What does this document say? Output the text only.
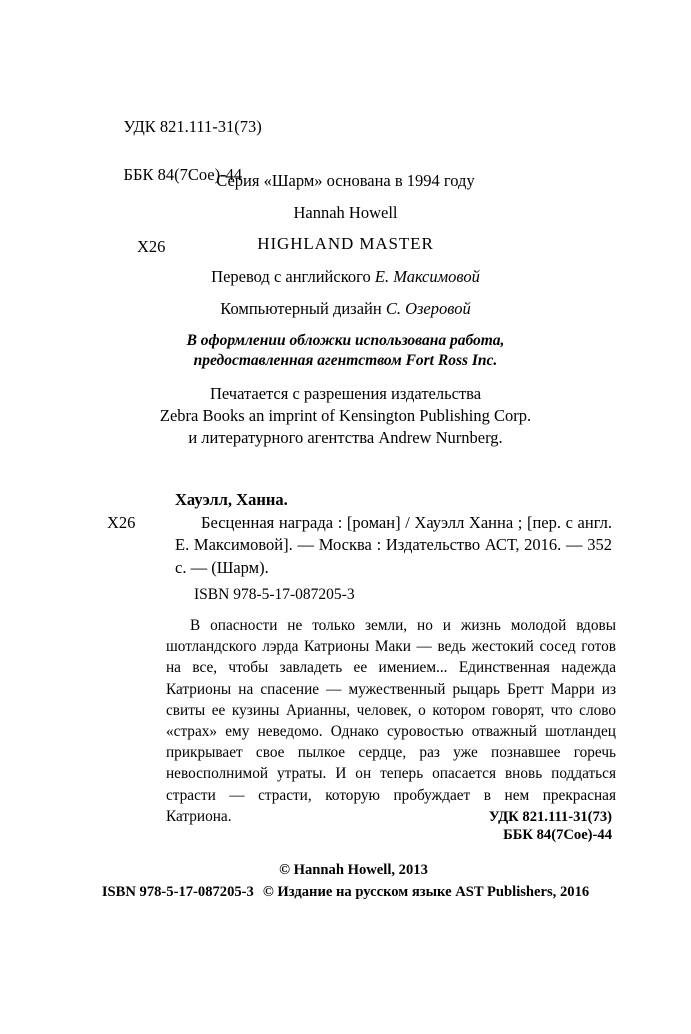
УДК 821.111-31(73)

ББК 84(7Сое)-44

Х26

Серия «Шарм» основана в 1994 году
Hannah Howell
HIGHLAND MASTER
Перевод с английского Е. Максимовой
Компьютерный дизайн С. Озеровой
В оформлении обложки использована работа,
предоставленная агентством Fort Ross Inc.
Печатается с разрешения издательства
Zebra Books an imprint of Kensington Publishing Corp.
и литературного агентства Andrew Nurnberg.
Х26
Хауэлл, Ханна.
Бесценная награда : [роман] / Хауэлл Ханна ; [пер. с англ. Е. Максимовой]. — Москва : Издательство АСТ, 2016. — 352 с. — (Шарм).
ISBN 978-5-17-087205-3
В опасности не только земли, но и жизнь молодой вдовы шотландского лэрда Катрионы Маки — ведь жестокий сосед готов на все, чтобы завладеть ее имением... Единственная надежда Катрионы на спасение — мужественный рыцарь Бретт Марри из свиты ее кузины Арианны, человек, о котором говорят, что слово «страх» ему неведомо. Однако суровостью отважный шотландец прикрывает свое пылкое сердце, раз уже познавшее горечь невосполнимой утраты. И он теперь опасается вновь поддаться страсти — страсти, которую пробуждает в нем прекрасная Катриона.	УДК 821.111-31(73)
ББК 84(7Сое)-44
© Hannah Howell, 2013
ISBN 978-5-17-087205-3 © Издание на русском языке AST Publishers, 2016
